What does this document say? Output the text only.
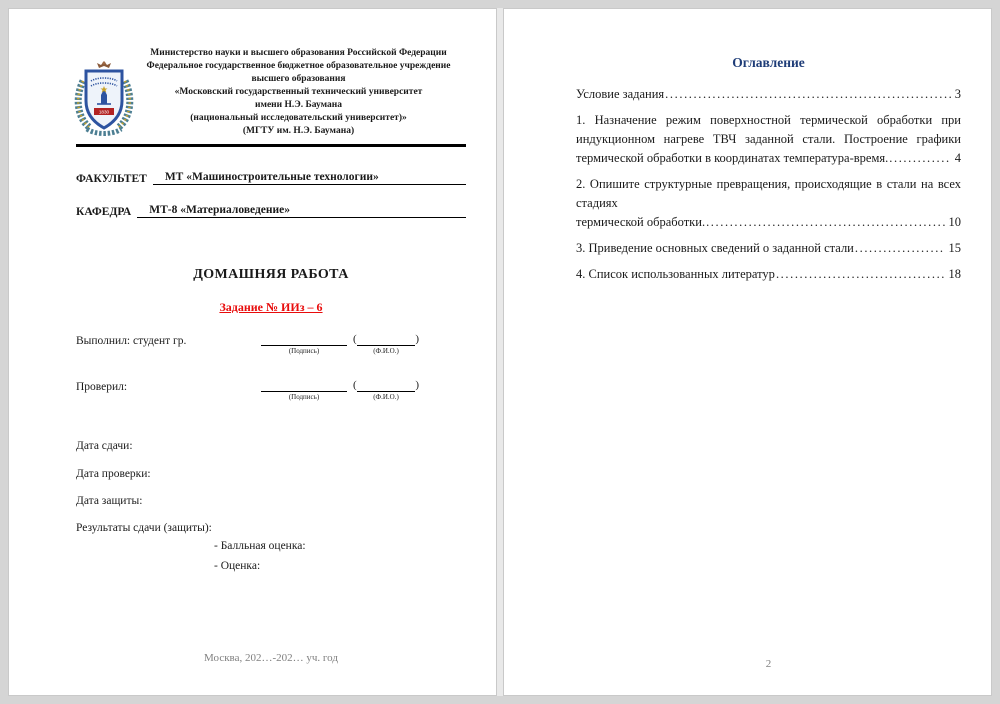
1830
Министерство науки и высшего образования Российской Федерации
Федеральное государственное бюджетное образовательное учреждение
высшего образования
«Московский государственный технический университет
имени Н.Э. Баумана
(национальный исследовательский университет)»
(МГТУ им. Н.Э. Баумана)
ФАКУЛЬТЕТ	МТ «Машиностроительные технологии»
КАФЕДРА	МТ-8 «Материаловедение»
ДОМАШНЯЯ РАБОТА
Задание № ИИз – 6
Выполнил: студент гр.
(Подпись)
(	)
(Ф.И.О.)
Проверил:
(Подпись)
(	)
(Ф.И.О.)
Дата сдачи:
Дата проверки:
Дата защиты:
Результаты сдачи (защиты):
- Балльная оценка:
- Оценка:
Москва, 202…-202… уч. год
Оглавление
Условие задания .....	3
1. Назначение режим поверхностной термической обработки при
индукционном нагреве ТВЧ заданной стали. Построение графики
термической обработки в координатах температура-время. .....	4
2. Опишите структурные превращения, происходящие в стали на всех стадиях
термической обработки. .....	10
3. Приведение основных сведений о заданной стали .....	15
4. Список использованных литератур .....	18
2
